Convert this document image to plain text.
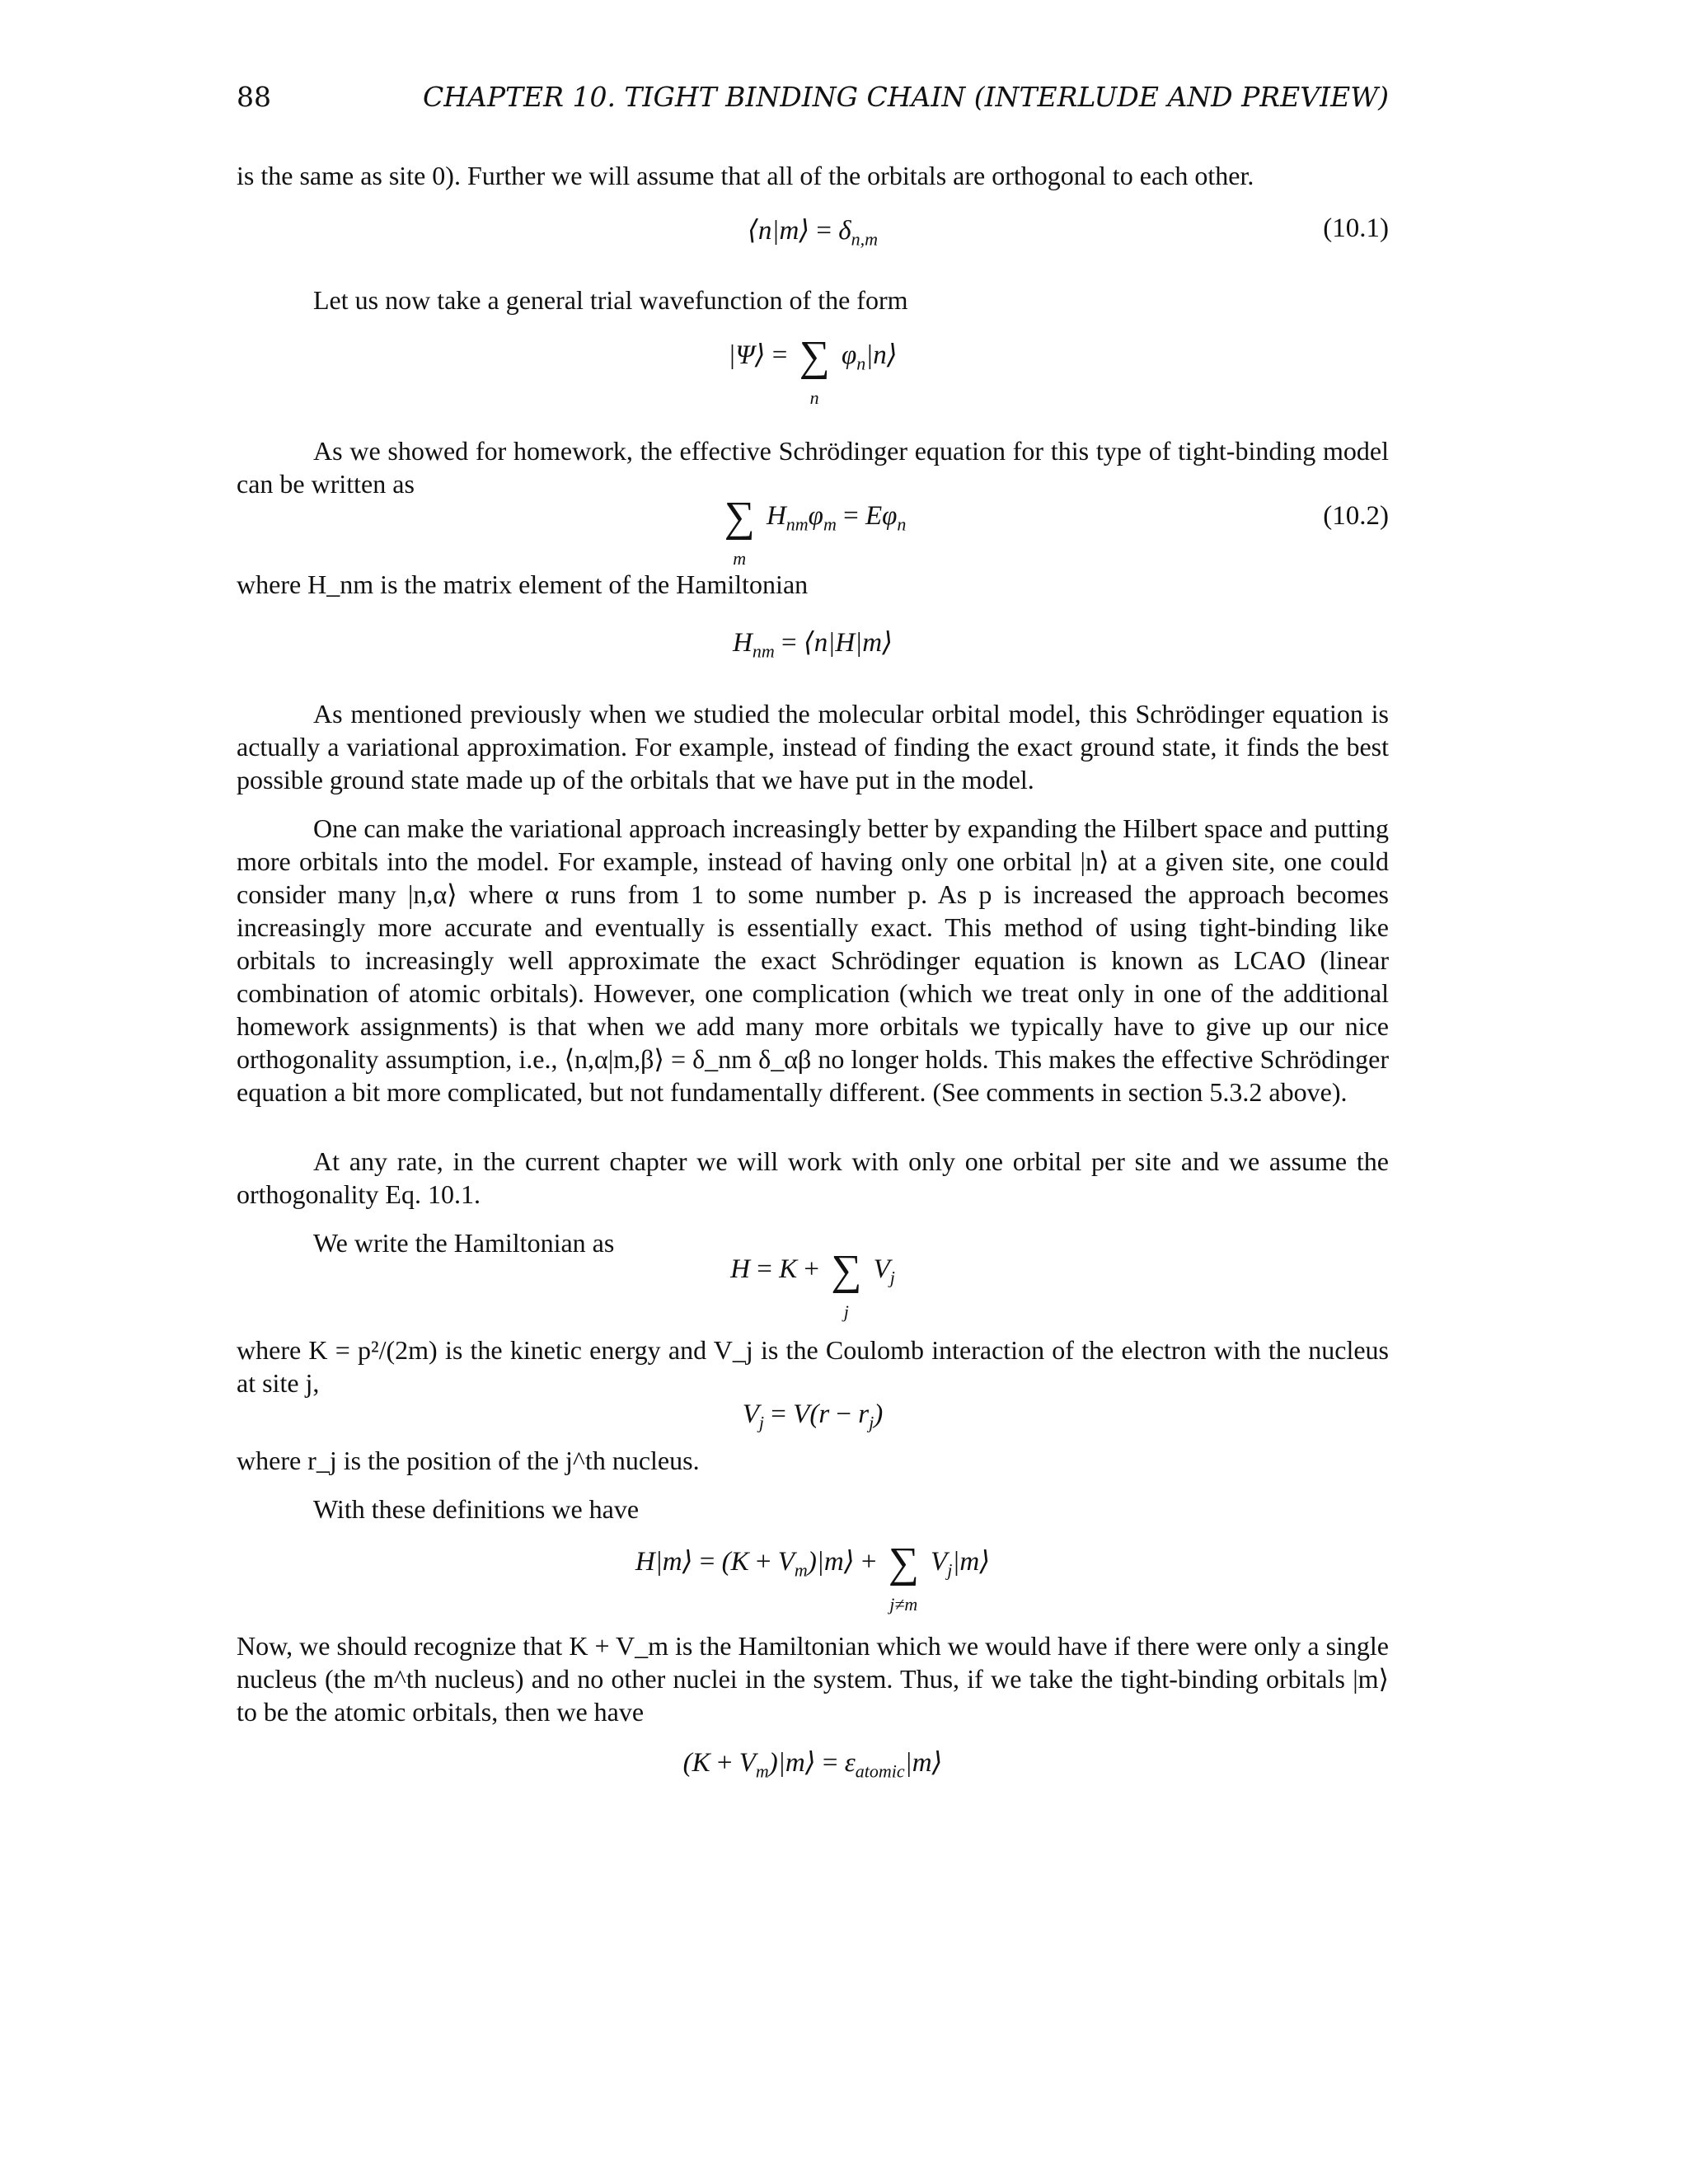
88	CHAPTER 10. TIGHT BINDING CHAIN (INTERLUDE AND PREVIEW)
is the same as site 0). Further we will assume that all of the orbitals are orthogonal to each other.
⟨n|m⟩ = $\delta_{n,m}$	(10.1)
Let us now take a general trial wavefunction of the form
|Ψ⟩ = ∑
n
$\varphi_n|n⟩$
As we showed for homework, the effective Schrödinger equation for this type of tight-binding model can be written as
∑
m
$H_{nm}\varphi_m = E\varphi_n$	(10.2)
where H_nm is the matrix element of the Hamiltonian
$H_{nm}$ = ⟨n|H|m⟩
As mentioned previously when we studied the molecular orbital model, this Schrödinger equation is actually a variational approximation. For example, instead of finding the exact ground state, it finds the best possible ground state made up of the orbitals that we have put in the model.
One can make the variational approach increasingly better by expanding the Hilbert space and putting more orbitals into the model. For example, instead of having only one orbital |n⟩ at a given site, one could consider many |n,α⟩ where α runs from 1 to some number p. As p is increased the approach becomes increasingly more accurate and eventually is essentially exact. This method of using tight-binding like orbitals to increasingly well approximate the exact Schrödinger equation is known as LCAO (linear combination of atomic orbitals). However, one complication (which we treat only in one of the additional homework assignments) is that when we add many more orbitals we typically have to give up our nice orthogonality assumption, i.e., ⟨n,α|m,β⟩ = δ_nm δ_αβ no longer holds. This makes the effective Schrödinger equation a bit more complicated, but not fundamentally different. (See comments in section 5.3.2 above).
At any rate, in the current chapter we will work with only one orbital per site and we assume the orthogonality Eq. 10.1.
We write the Hamiltonian as
H = K + ∑
j
$V_j$
where K = p²/(2m) is the kinetic energy and V_j is the Coulomb interaction of the electron with the nucleus at site j,
$V_j = V(r - r_j)$
where r_j is the position of the j^th nucleus.
With these definitions we have
H|m⟩ = $(K + V_m)|m⟩$ + ∑
j≠m
$V_j|m⟩$
Now, we should recognize that K + V_m is the Hamiltonian which we would have if there were only a single nucleus (the m^th nucleus) and no other nuclei in the system. Thus, if we take the tight-binding orbitals |m⟩ to be the atomic orbitals, then we have
$(K + V_m)|m⟩$ = $\varepsilon_{atomic}|m⟩$
